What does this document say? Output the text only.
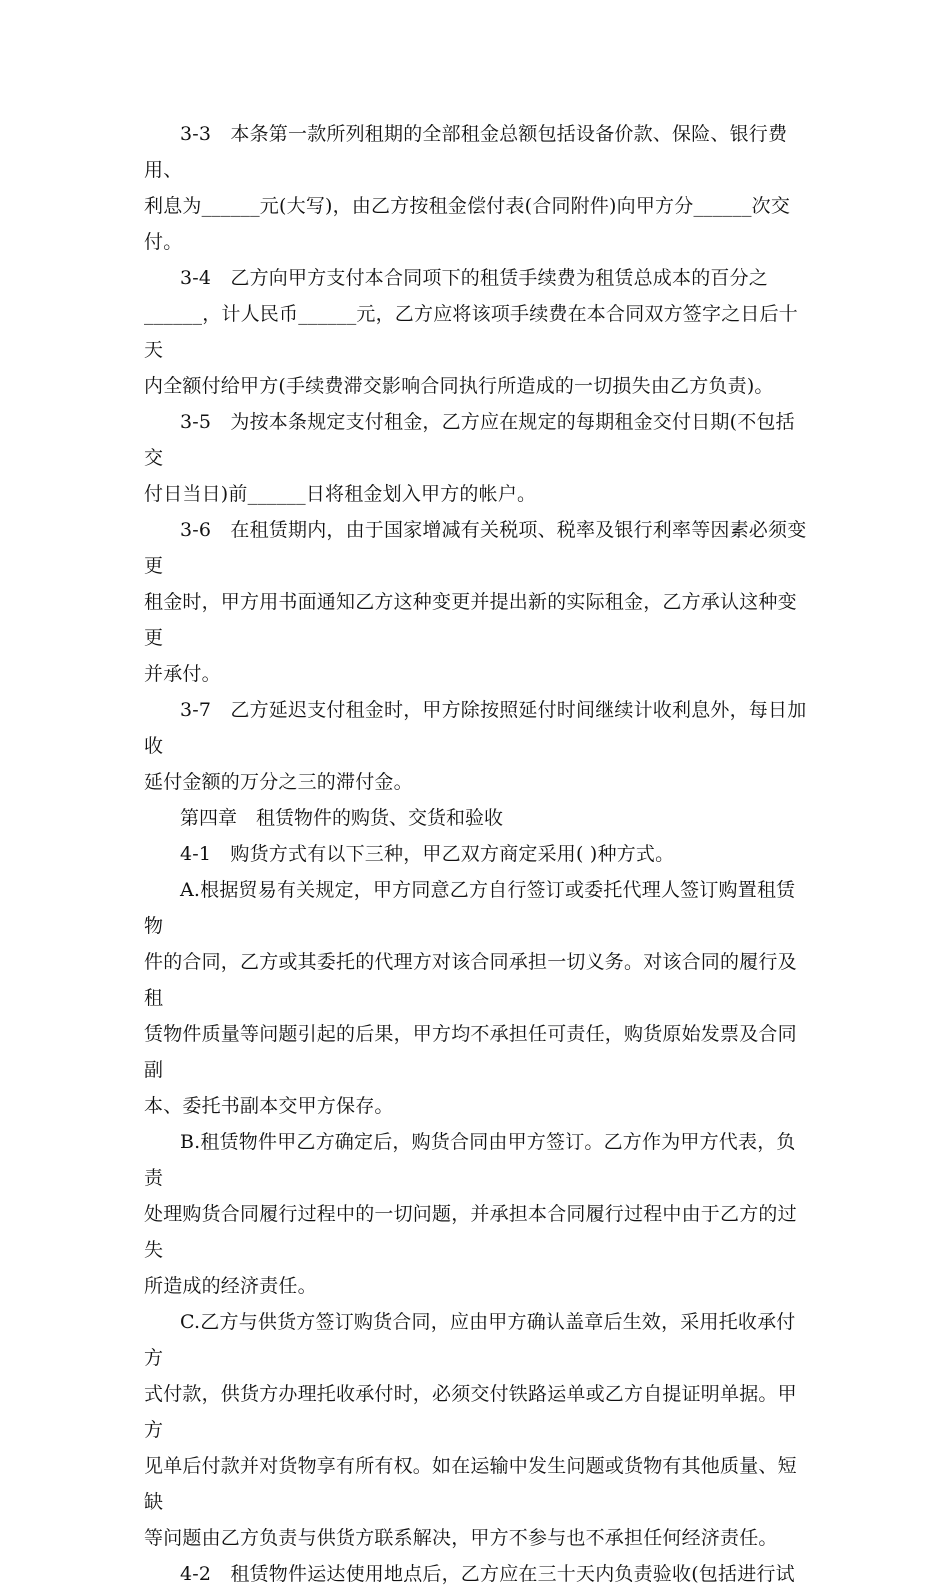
3-3　本条第一款所列租期的全部租金总额包括设备价款、保险、银行费用、
利息为______元(大写)，由乙方按租金偿付表(合同附件)向甲方分______次交
付。

3-4　乙方向甲方支付本合同项下的租赁手续费为租赁总成本的百分之
______，计人民币______元，乙方应将该项手续费在本合同双方签字之日后十天
内全额付给甲方(手续费滞交影响合同执行所造成的一切损失由乙方负责)。

3-5　为按本条规定支付租金，乙方应在规定的每期租金交付日期(不包括交
付日当日)前______日将租金划入甲方的帐户。

3-6　在租赁期内，由于国家增减有关税项、税率及银行利率等因素必须变更
租金时，甲方用书面通知乙方这种变更并提出新的实际租金，乙方承认这种变更
并承付。

3-7　乙方延迟支付租金时，甲方除按照延付时间继续计收利息外，每日加收
延付金额的万分之三的滞付金。

第四章　租赁物件的购货、交货和验收

4-1　购货方式有以下三种，甲乙双方商定采用( )种方式。

A.根据贸易有关规定，甲方同意乙方自行签订或委托代理人签订购置租赁物
件的合同，乙方或其委托的代理方对该合同承担一切义务。对该合同的履行及租
赁物件质量等问题引起的后果，甲方均不承担任可责任，购货原始发票及合同副
本、委托书副本交甲方保存。

B.租赁物件甲乙方确定后，购货合同由甲方签订。乙方作为甲方代表，负责
处理购货合同履行过程中的一切问题，并承担本合同履行过程中由于乙方的过失
所造成的经济责任。

C.乙方与供货方签订购货合同，应由甲方确认盖章后生效，采用托收承付方
式付款，供货方办理托收承付时，必须交付铁路运单或乙方自提证明单据。甲方
见单后付款并对货物享有所有权。如在运输中发生问题或货物有其他质量、短缺
等问题由乙方负责与供货方联系解决，甲方不参与也不承担任何经济责任。

4-2　租赁物件运达使用地点后，乙方应在三十天内负责验收(包括进行试
